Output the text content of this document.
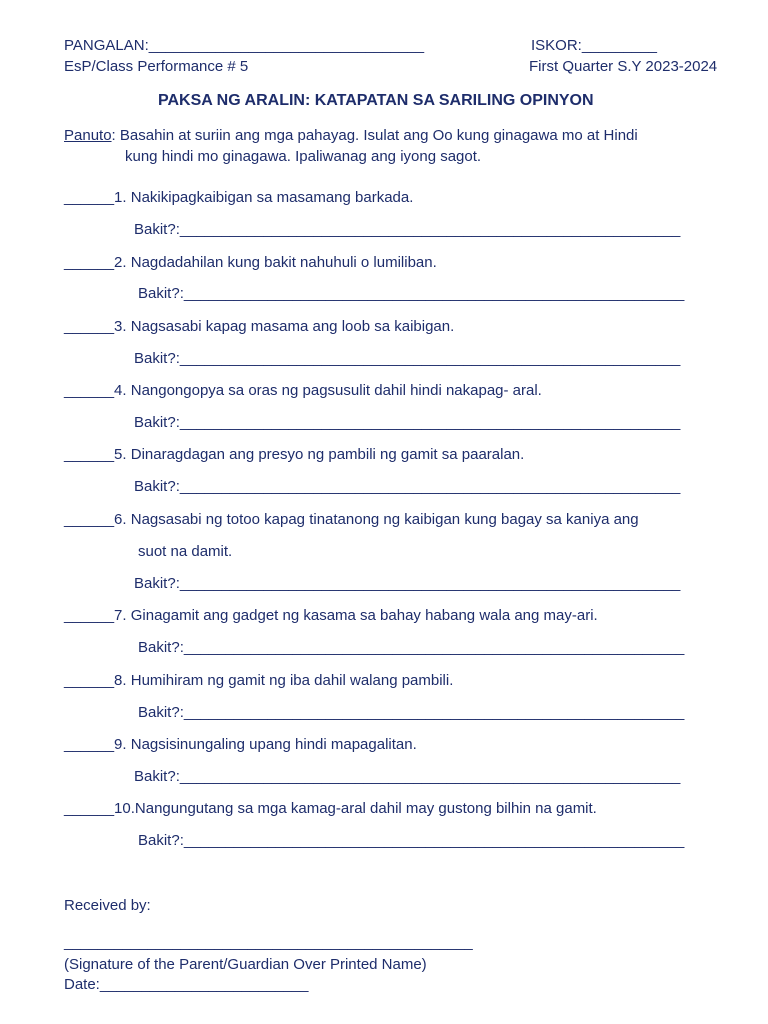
PANGALAN:_________________________________	ISKOR:_________
EsP/Class Performance # 5	First Quarter S.Y 2023-2024
PAKSA NG ARALIN: KATAPATAN SA SARILING OPINYON
Panuto: Basahin at suriin ang mga pahayag. Isulat ang Oo kung ginagawa mo at Hindi
kung hindi mo ginagawa. Ipaliwanag ang iyong sagot.
______1. Nakikipagkaibigan sa masamang barkada.
Bakit?:____________________________________________________________
______2. Nagdadahilan kung bakit nahuhuli o lumiliban.
Bakit?:____________________________________________________________
______3. Nagsasabi kapag masama ang loob sa kaibigan.
Bakit?:____________________________________________________________
______4. Nangongopya sa oras ng pagsusulit dahil hindi nakapag- aral.
Bakit?:____________________________________________________________
______5. Dinaragdagan ang presyo ng pambili ng gamit sa paaralan.
Bakit?:____________________________________________________________
______6. Nagsasabi ng totoo kapag tinatanong ng kaibigan kung bagay sa kaniya ang
suot na damit.
Bakit?:____________________________________________________________
______7. Ginagamit ang gadget ng kasama sa bahay habang wala ang may-ari.
Bakit?:____________________________________________________________
______8. Humihiram ng gamit ng iba dahil walang pambili.
Bakit?:____________________________________________________________
______9. Nagsisinungaling upang hindi mapagalitan.
Bakit?:____________________________________________________________
______10.Nangungutang sa mga kamag-aral dahil may gustong bilhin na gamit.
Bakit?:____________________________________________________________
Received by:
_________________________________________________
(Signature of the Parent/Guardian Over Printed Name)
Date:_________________________
